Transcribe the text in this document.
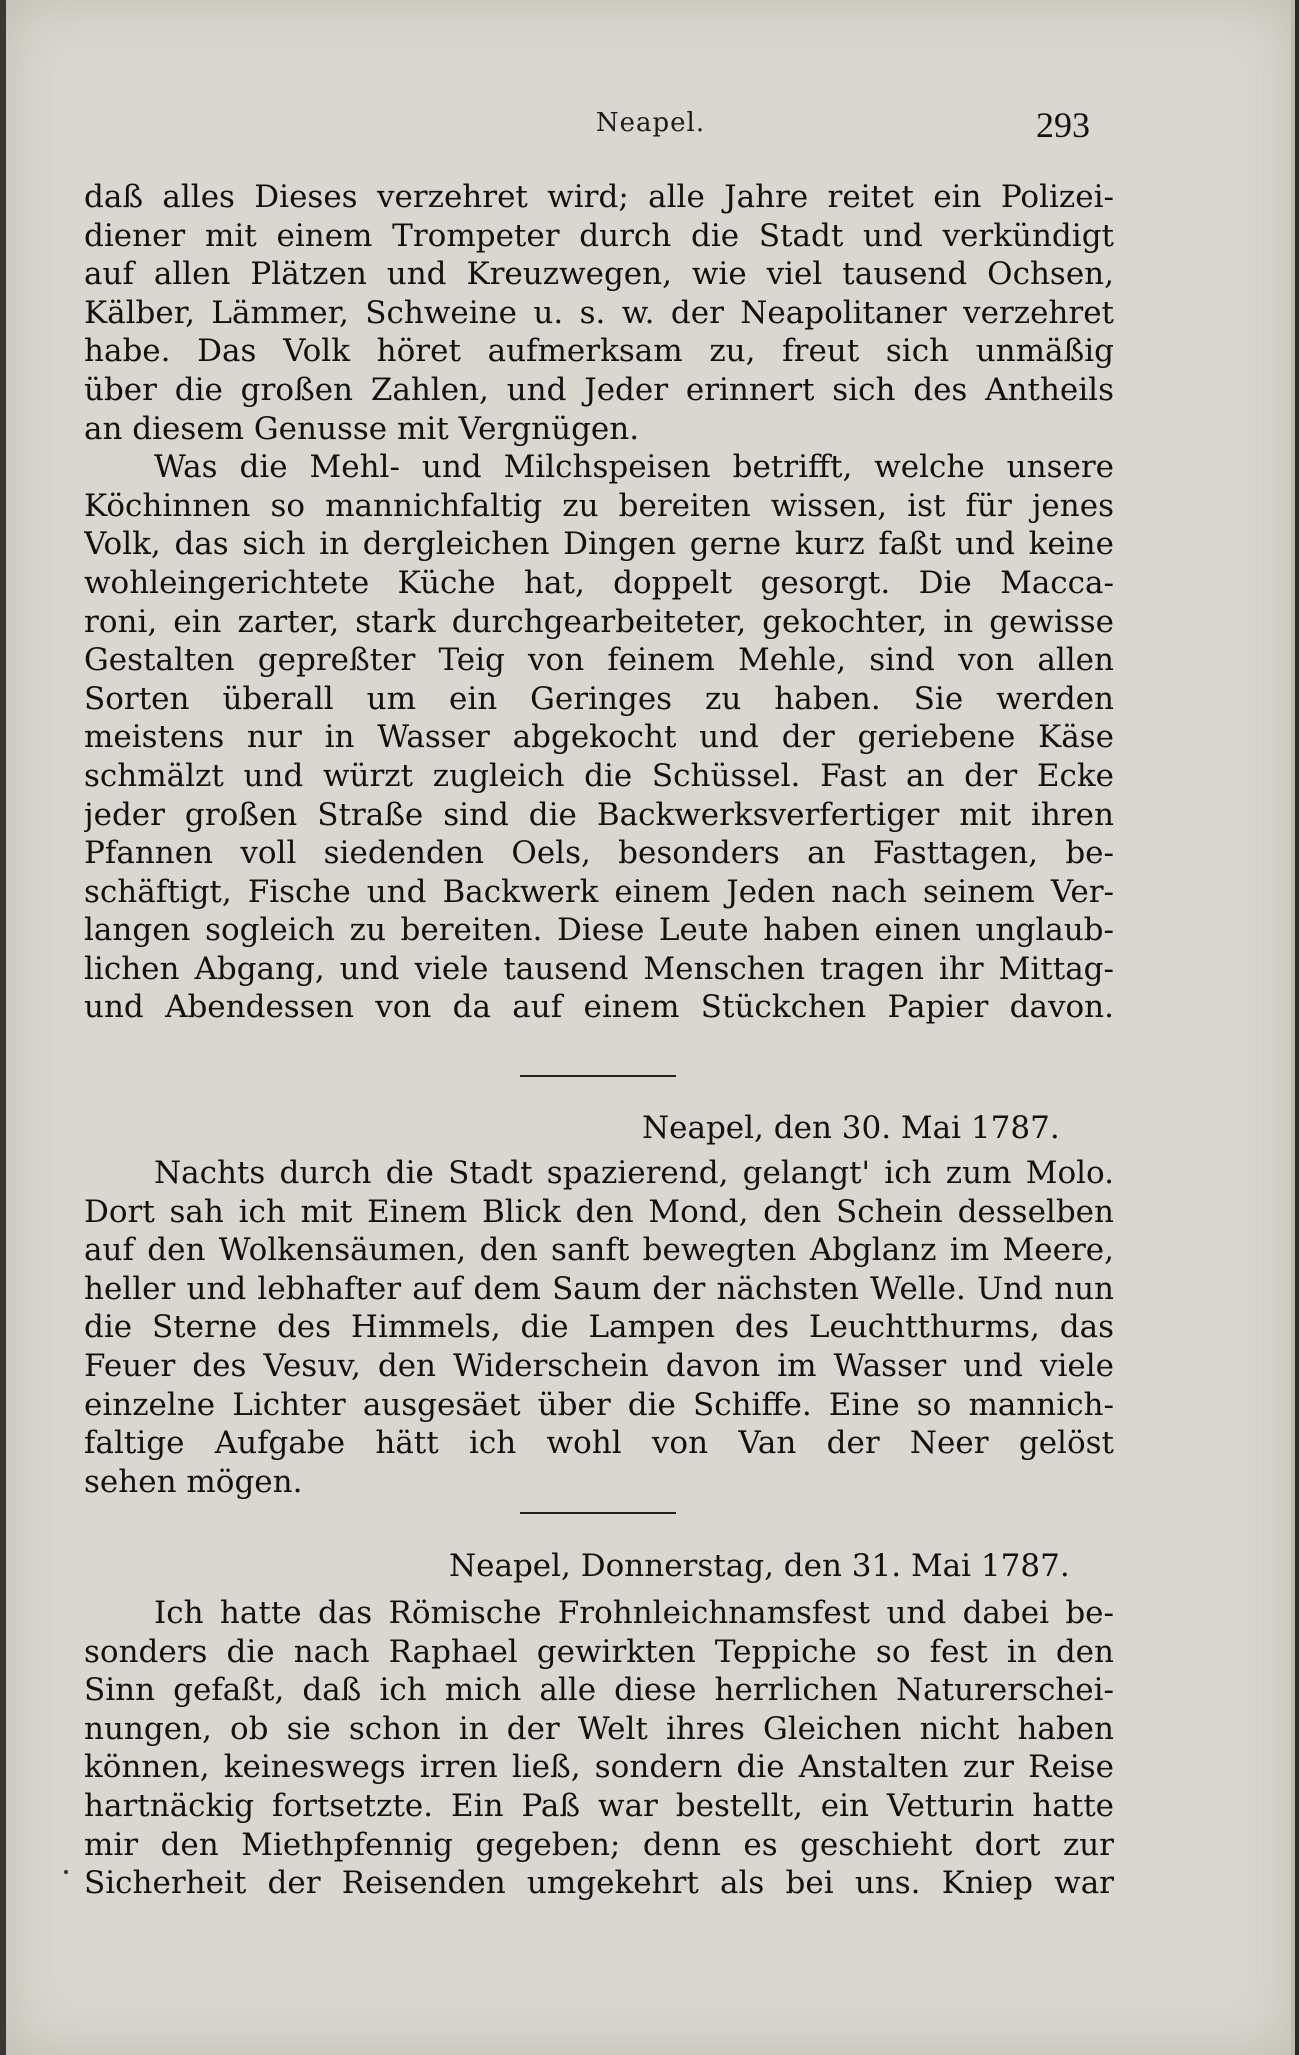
Neapel.	293
daß alles Dieses verzehret wird; alle Jahre reitet ein Polizei-
diener mit einem Trompeter durch die Stadt und verkündigt
auf allen Plätzen und Kreuzwegen, wie viel tausend Ochsen,
Kälber, Lämmer, Schweine u. s. w. der Neapolitaner verzehret
habe. Das Volk höret aufmerksam zu, freut sich unmäßig
über die großen Zahlen, und Jeder erinnert sich des Antheils
an diesem Genusse mit Vergnügen.
Was die Mehl- und Milchspeisen betrifft, welche unsere
Köchinnen so mannichfaltig zu bereiten wissen, ist für jenes
Volk, das sich in dergleichen Dingen gerne kurz faßt und keine
wohleingerichtete Küche hat, doppelt gesorgt. Die Macca-
roni, ein zarter, stark durchgearbeiteter, gekochter, in gewisse
Gestalten gepreßter Teig von feinem Mehle, sind von allen
Sorten überall um ein Geringes zu haben. Sie werden
meistens nur in Wasser abgekocht und der geriebene Käse
schmälzt und würzt zugleich die Schüssel. Fast an der Ecke
jeder großen Straße sind die Backwerksverfertiger mit ihren
Pfannen voll siedenden Oels, besonders an Fasttagen, be-
schäftigt, Fische und Backwerk einem Jeden nach seinem Ver-
langen sogleich zu bereiten. Diese Leute haben einen unglaub-
lichen Abgang, und viele tausend Menschen tragen ihr Mittag-
und Abendessen von da auf einem Stückchen Papier davon.
Neapel, den 30. Mai 1787.
Nachts durch die Stadt spazierend, gelangt' ich zum Molo.
Dort sah ich mit Einem Blick den Mond, den Schein desselben
auf den Wolkensäumen, den sanft bewegten Abglanz im Meere,
heller und lebhafter auf dem Saum der nächsten Welle. Und nun
die Sterne des Himmels, die Lampen des Leuchtthurms, das
Feuer des Vesuv, den Widerschein davon im Wasser und viele
einzelne Lichter ausgesäet über die Schiffe. Eine so mannich-
faltige Aufgabe hätt ich wohl von Van der Neer gelöst
sehen mögen.
Neapel, Donnerstag, den 31. Mai 1787.
Ich hatte das Römische Frohnleichnamsfest und dabei be-
sonders die nach Raphael gewirkten Teppiche so fest in den
Sinn gefaßt, daß ich mich alle diese herrlichen Naturerschei-
nungen, ob sie schon in der Welt ihres Gleichen nicht haben
können, keineswegs irren ließ, sondern die Anstalten zur Reise
hartnäckig fortsetzte. Ein Paß war bestellt, ein Vetturin hatte
mir den Miethpfennig gegeben; denn es geschieht dort zur
Sicherheit der Reisenden umgekehrt als bei uns. Kniep war
